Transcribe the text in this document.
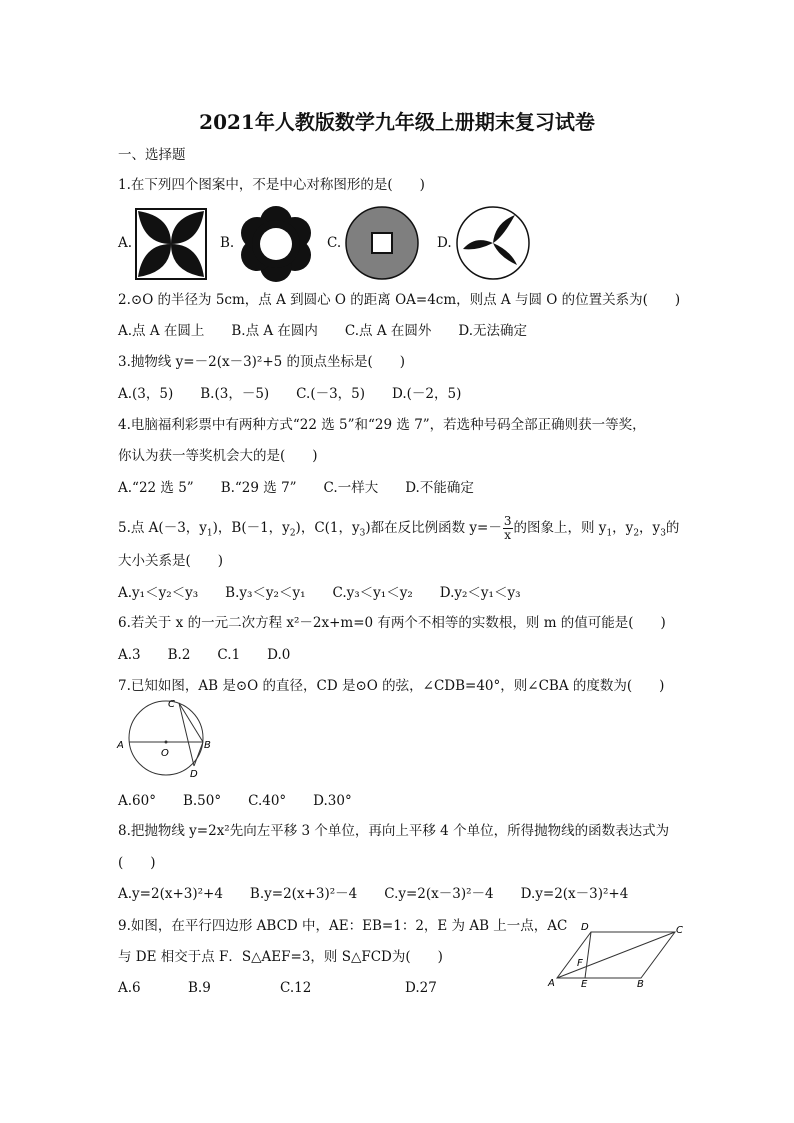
2021年人教版数学九年级上册期末复习试卷
一、选择题
1.在下列四个图案中，不是中心对称图形的是(　　)
A.	B.	C.	D.
2.⊙O 的半径为 5cm，点 A 到圆心 O 的距离 OA=4cm，则点 A 与圆 O 的位置关系为(　　)
A.点 A 在圆上　　B.点 A 在圆内　　C.点 A 在圆外　　D.无法确定
3.抛物线 y=－2(x－3)²+5 的顶点坐标是(　　)
A.(3，5)　　B.(3，－5)　　C.(－3，5)　　D.(－2，5)
4.电脑福利彩票中有两种方式“22 选 5”和“29 选 7”，若选种号码全部正确则获一等奖，
你认为获一等奖机会大的是(　　)
A.“22 选 5”　　B.“29 选 7”　　C.一样大　　D.不能确定
5.点 A(－3，$y_1$)，B(－1，$y_2$)，C(1，$y_3$)都在反比例函数 $y=- \frac{3}{x}$ 的图象上，则 $y_1$，$y_2$，$y_3$的
大小关系是(　　)
A.y₁＜y₂＜y₃　　B.y₃＜y₂＜y₁　　C.y₃＜y₁＜y₂　　D.y₂＜y₁＜y₃
6.若关于 x 的一元二次方程 x²－2x+m=0 有两个不相等的实数根，则 m 的值可能是(　　)
A.3　　B.2　　C.1　　D.0
7.已知如图，AB 是⊙O 的直径，CD 是⊙O 的弦，∠CDB=40°，则∠CBA 的度数为(　　)
A	B
C
D
O
A.60°　　B.50°　　C.40°　　D.30°
8.把抛物线 y=2x²先向左平移 3 个单位，再向上平移 4 个单位，所得抛物线的函数表达式为
(　　)
A.y=2(x+3)²+4　　B.y=2(x+3)²－4　　C.y=2(x－3)²－4　　D.y=2(x－3)²+4
9.如图，在平行四边形 ABCD 中，AE：EB=1：2，E 为 AB 上一点，AC
与 DE 相交于点 F．S△AEF=3，则 S△FCD为(　　)
A.6	B.9	C.12	D.27	A	B
C
D
E
F
